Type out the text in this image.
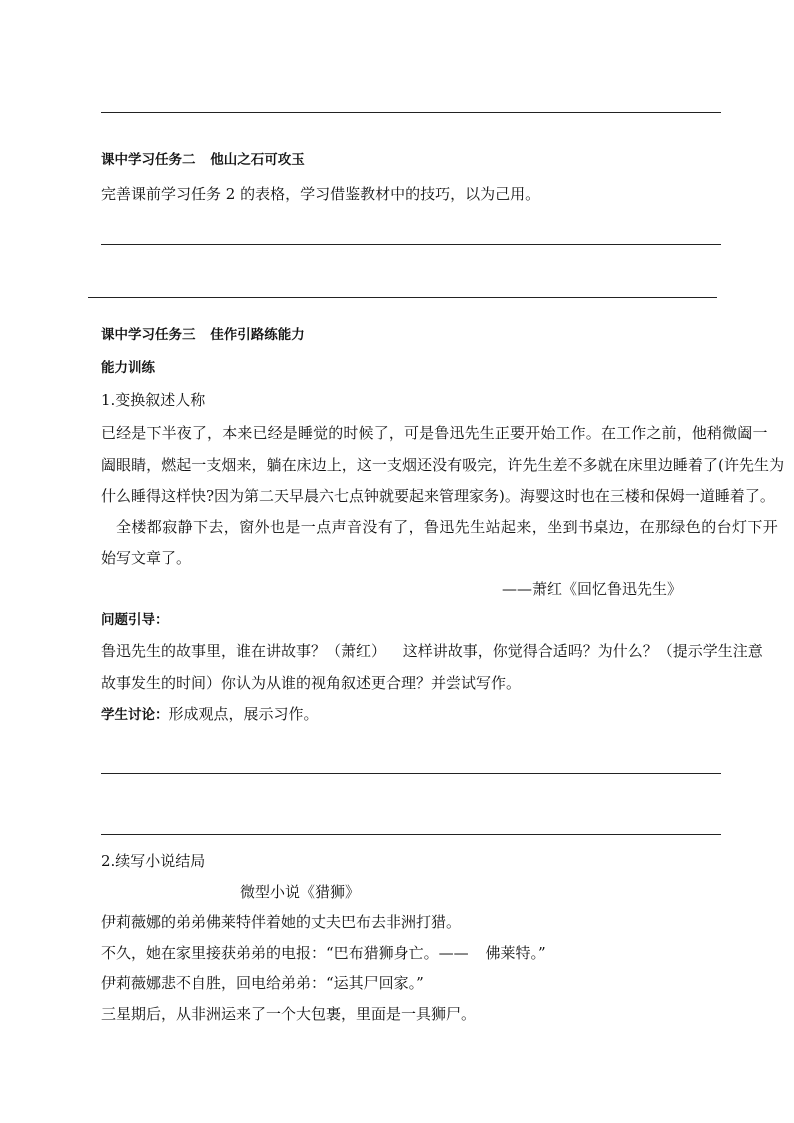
课中学习任务二 他山之石可攻玉
完善课前学习任务 2 的表格，学习借鉴教材中的技巧，以为己用。
课中学习任务三 佳作引路练能力
能力训练
1.变换叙述人称
已经是下半夜了，本来已经是睡觉的时候了，可是鲁迅先生正要开始工作。在工作之前，他稍微阖一
阖眼睛，燃起一支烟来，躺在床边上，这一支烟还没有吸完，许先生差不多就在床里边睡着了(许先生为
什么睡得这样快?因为第二天早晨六七点钟就要起来管理家务)。海婴这时也在三楼和保姆一道睡着了。
全楼都寂静下去，窗外也是一点声音没有了，鲁迅先生站起来，坐到书桌边，在那绿色的台灯下开
始写文章了。
——萧红《回忆鲁迅先生》
问题引导：
鲁迅先生的故事里，谁在讲故事？（萧红） 这样讲故事，你觉得合适吗？为什么？（提示学生注意
故事发生的时间）你认为从谁的视角叙述更合理？并尝试写作。
学生讨论：形成观点，展示习作。
2.续写小说结局
微型小说《猎狮》
伊莉薇娜的弟弟佛莱特伴着她的丈夫巴布去非洲打猎。
不久，她在家里接获弟弟的电报：“巴布猎狮身亡。—— 佛莱特。”
伊莉薇娜悲不自胜，回电给弟弟：“运其尸回家。”
三星期后，从非洲运来了一个大包裹，里面是一具狮尸。
